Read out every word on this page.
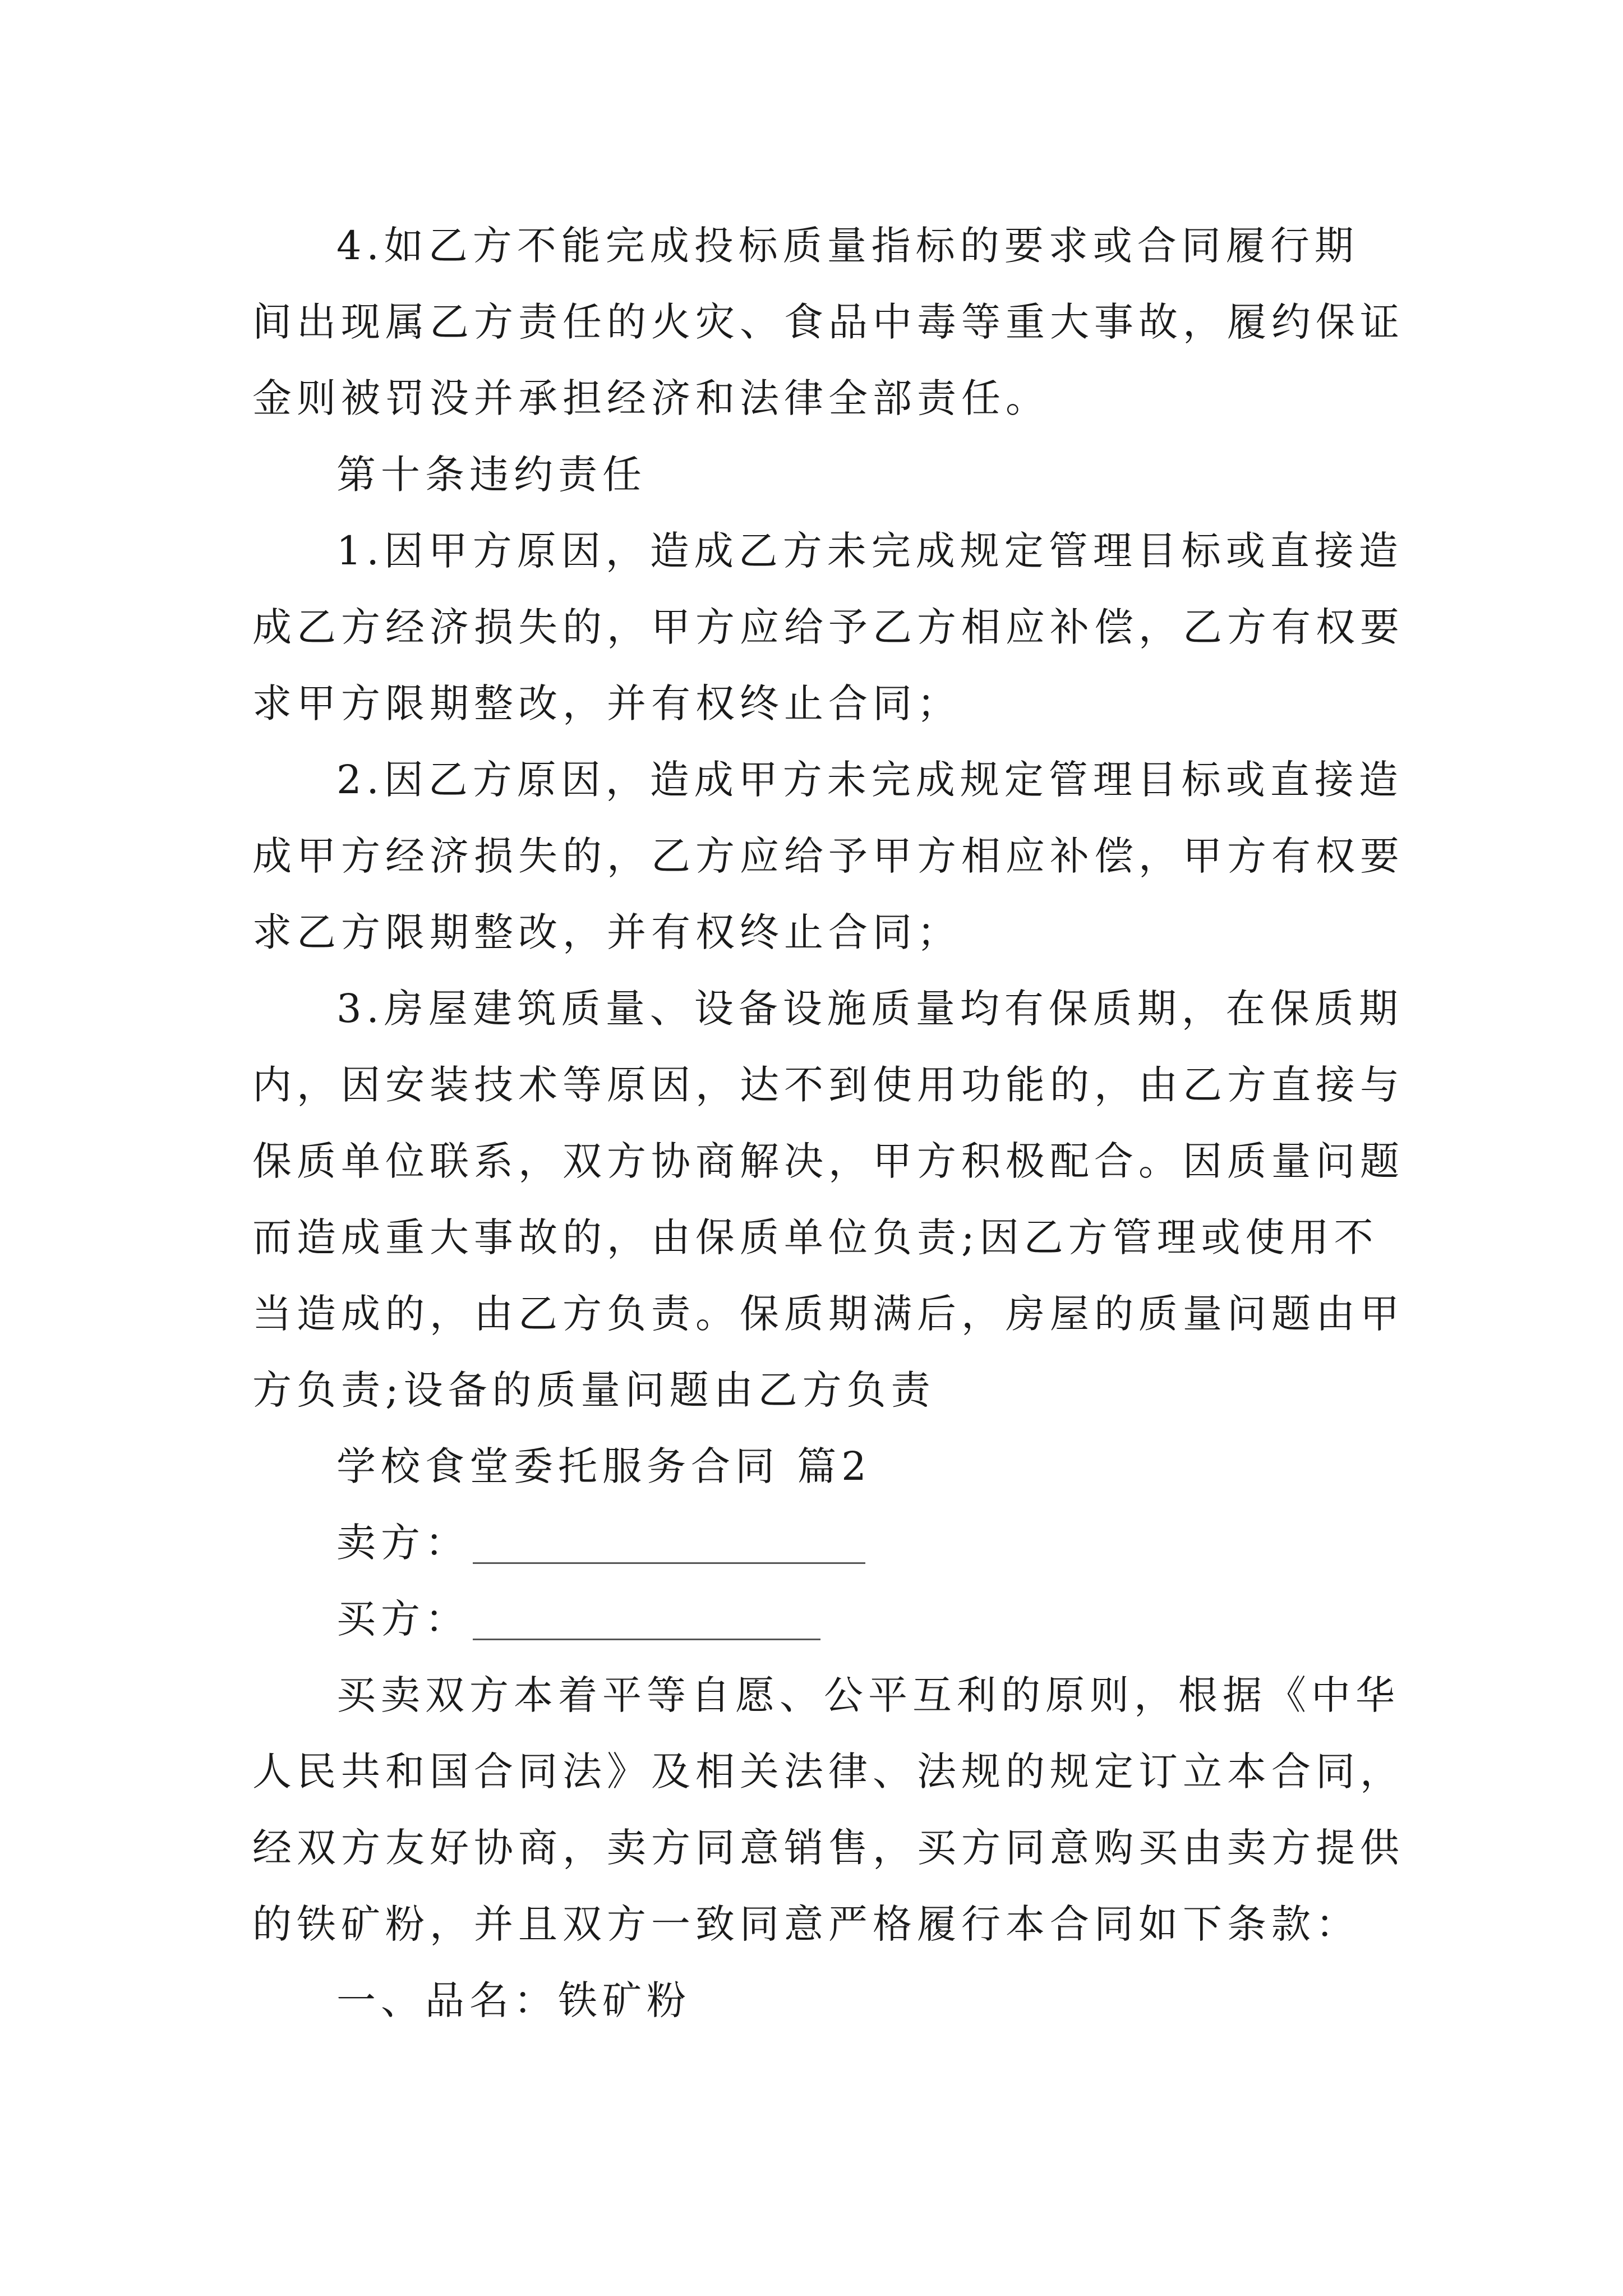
4.如乙方不能完成投标质量指标的要求或合同履行期
间出现属乙方责任的火灾、食品中毒等重大事故，履约保证
金则被罚没并承担经济和法律全部责任。
第十条违约责任
1.因甲方原因，造成乙方未完成规定管理目标或直接造
成乙方经济损失的，甲方应给予乙方相应补偿，乙方有权要
求甲方限期整改，并有权终止合同；
2.因乙方原因，造成甲方未完成规定管理目标或直接造
成甲方经济损失的，乙方应给予甲方相应补偿，甲方有权要
求乙方限期整改，并有权终止合同；
3.房屋建筑质量、设备设施质量均有保质期，在保质期
内，因安装技术等原因，达不到使用功能的，由乙方直接与
保质单位联系，双方协商解决，甲方积极配合。因质量问题
而造成重大事故的，由保质单位负责;因乙方管理或使用不
当造成的，由乙方负责。保质期满后，房屋的质量问题由甲
方负责;设备的质量问题由乙方负责
学校食堂委托服务合同 篇2
卖方：
买方：
买卖双方本着平等自愿、公平互利的原则，根据《中华
人民共和国合同法》及相关法律、法规的规定订立本合同，
经双方友好协商，卖方同意销售，买方同意购买由卖方提供
的铁矿粉，并且双方一致同意严格履行本合同如下条款：
一、品名：铁矿粉
